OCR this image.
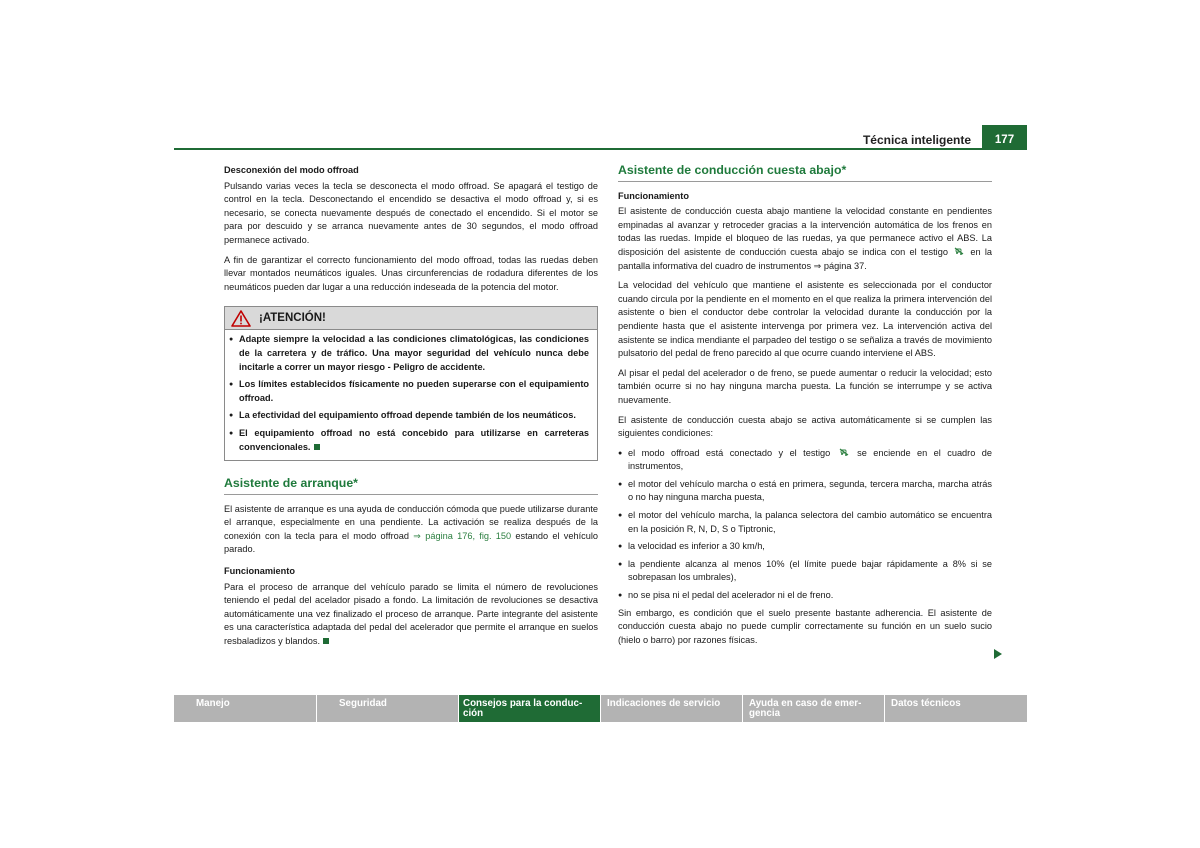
Técnica inteligente	177
Desconexión del modo offroad

Pulsando varias veces la tecla se desconecta el modo offroad. Se apagará el testigo de control en la tecla. Desconectando el encendido se desactiva el modo offroad y, si es necesario, se conecta nuevamente después de conectado el encendido. Si el motor se para por descuido y se arranca nuevamente antes de 30 segundos, el modo offroad permanece activado.

A fin de garantizar el correcto funcionamiento del modo offroad, todas las ruedas deben llevar montados neumáticos iguales. Unas circunferencias de rodadura diferentes de los neumáticos pueden dar lugar a una reducción indeseada de la potencia del motor.

¡ATENCIÓN!

● Adapte siempre la velocidad a las condiciones climatológicas, las condiciones de la carretera y de tráfico. Una mayor seguridad del vehículo nunca debe incitarle a correr un mayor riesgo - Peligro de accidente.

● Los límites establecidos físicamente no pueden superarse con el equipamiento offroad.

● La efectividad del equipamiento offroad depende también de los neumáticos.

● El equipamiento offroad no está concebido para utilizarse en carreteras convencionales.

Asistente de arranque*

El asistente de arranque es una ayuda de conducción cómoda que puede utilizarse durante el arranque, especialmente en una pendiente. La activación se realiza después de la conexión con la tecla para el modo offroad ⇒ página 176, fig. 150 estando el vehículo parado.

Funcionamiento

Para el proceso de arranque del vehículo parado se limita el número de revoluciones teniendo el pedal del acelador pisado a fondo. La limitación de revoluciones se desactiva automáticamente una vez finalizado el proceso de arranque. Parte integrante del asistente es una característica adaptada del pedal del acelerador que permite el arranque en suelos resbaladizos y blandos.

Asistente de conducción cuesta abajo*
Funcionamiento

El asistente de conducción cuesta abajo mantiene la velocidad constante en pendientes empinadas al avanzar y retroceder gracias a la intervención automática de los frenos en todas las ruedas. Impide el bloqueo de las ruedas, ya que permanece activo el ABS. La disposición del asistente de conducción cuesta abajo se indica con el testigo  en la pantalla informativa del cuadro de instrumentos ⇒ página 37.

La velocidad del vehículo que mantiene el asistente es seleccionada por el conductor cuando circula por la pendiente en el momento en el que realiza la primera intervención del asistente o bien el conductor debe controlar la velocidad durante la conducción por la pendiente hasta que el asistente intervenga por primera vez. La intervención activa del asistente se indica mendiante el parpadeo del testigo o se señaliza a través de movimiento pulsatorio del pedal de freno parecido al que ocurre cuando interviene el ABS.

Al pisar el pedal del acelerador o de freno, se puede aumentar o reducir la velocidad; esto también ocurre si no hay ninguna marcha puesta. La función se interrumpe y se activa nuevamente.

El asistente de conducción cuesta abajo se activa automáticamente si se cumplen las siguientes condiciones:

● el modo offroad está conectado y el testigo  se enciende en el cuadro de instrumentos,

● el motor del vehículo marcha o está en primera, segunda, tercera marcha, marcha atrás o no hay ninguna marcha puesta,

● el motor del vehículo marcha, la palanca selectora del cambio automático se encuentra en la posición R, N, D, S o Tiptronic,

● la velocidad es inferior a 30 km/h,

● la pendiente alcanza al menos 10% (el límite puede bajar rápidamente a 8% si se sobrepasan los umbrales),

● no se pisa ni el pedal del acelerador ni el de freno.

Sin embargo, es condición que el suelo presente bastante adherencia. El asistente de conducción cuesta abajo no puede cumplir correctamente su función en un suelo sucio (hielo o barro) por razones físicas.

Manejo	Seguridad	Consejos para la conduc-
ción
Indicaciones de servicio	Ayuda en caso de emer-
gencia
Datos técnicos
